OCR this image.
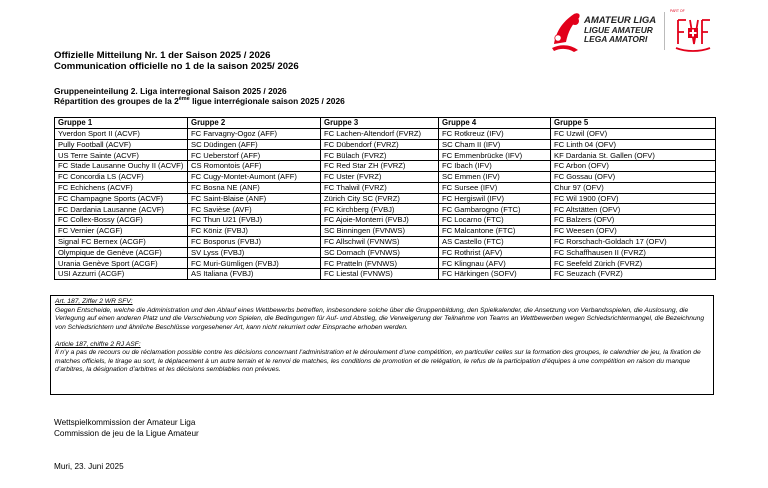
AMATEUR LIGA
LIGUE AMATEUR
LEGA AMATORI
PART OF
Offizielle Mitteilung Nr. 1 der Saison 2025 / 2026
Communication officielle no 1 de la saison 2025/ 2026
Gruppeneinteilung 2. Liga interregional Saison 2025 / 2026
Répartition des groupes de la 2ème ligue interrégionale saison 2025 / 2026
Gruppe 1	Gruppe 2	Gruppe 3	Gruppe 4	Gruppe 5
Yverdon Sport II (ACVF)	FC Farvagny-Ogoz (AFF)	FC Lachen-Altendorf (FVRZ)	FC Rotkreuz (IFV)	FC Uzwil (OFV)
Pully Football (ACVF)	SC Düdingen (AFF)	FC Dübendorf (FVRZ)	SC Cham II (IFV)	FC Linth 04 (OFV)
US Terre Sainte (ACVF)	FC Ueberstorf (AFF)	FC Bülach (FVRZ)	FC Emmenbrücke (IFV)	KF Dardania St. Gallen (OFV)
FC Stade Lausanne Ouchy II (ACVF)	CS Romontois (AFF)	FC Red Star ZH (FVRZ)	FC Ibach (IFV)	FC Arbon (OFV)
FC Concordia LS (ACVF)	FC Cugy-Montet-Aumont (AFF)	FC Uster (FVRZ)	SC Emmen (IFV)	FC Gossau (OFV)
FC Echichens (ACVF)	FC Bosna NE (ANF)	FC Thalwil (FVRZ)	FC Sursee (IFV)	Chur 97 (OFV)
FC Champagne Sports (ACVF)	FC Saint-Blaise (ANF)	Zürich City SC (FVRZ)	FC Hergiswil (IFV)	FC Wil 1900 (OFV)
FC Dardania Lausanne (ACVF)	FC Savièse (AVF)	FC Kirchberg (FVBJ)	FC Gambarogno (FTC)	FC Altstätten (OFV)
FC Collex-Bossy (ACGF)	FC Thun U21 (FVBJ)	FC Ajoie-Monterri (FVBJ)	FC Locarno (FTC)	FC Balzers (OFV)
FC Vernier (ACGF)	FC Köniz (FVBJ)	SC Binningen (FVNWS)	FC Malcantone (FTC)	FC Weesen (OFV)
Signal FC Bernex (ACGF)	FC Bosporus (FVBJ)	FC Allschwil (FVNWS)	AS Castello (FTC)	FC Rorschach-Goldach 17 (OFV)
Olympique de Genève (ACGF)	SV Lyss (FVBJ)	SC Dornach (FVNWS)	FC Rothrist (AFV)	FC Schaffhausen II (FVRZ)
Urania Genève Sport (ACGF)	FC Muri-Gümligen (FVBJ)	FC Pratteln (FVNWS)	FC Klingnau (AFV)	FC Seefeld Zürich (FVRZ)
USI Azzurri (ACGF)	AS Italiana (FVBJ)	FC Liestal (FVNWS)	FC Härkingen (SOFV)	FC Seuzach (FVRZ)

Art. 187, Ziffer 2 WR SFV:

Gegen Entscheide, welche die Administration und den Ablauf eines Wettbewerbs betreffen, insbesondere solche über die Gruppenbildung, den Spielkalender, die Ansetzung von Verbandsspielen, die Auslosung, die Verlegung auf einen anderen Platz und die Verschiebung von Spielen, die Bedingungen für Auf- und Abstieg, die Verweigerung der Teilnahme von Teams an Wettbewerben wegen Schiedsrichtermangel, die Bezeichnung von Schiedsrichtern und ähnliche Beschlüsse vorgesehener Art, kann nicht rekurriert oder Einsprache erhoben werden.

Article 187, chiffre 2 RJ ASF:

Il n’y a pas de recours ou de réclamation possible contre les décisions concernant l’administration et le déroulement d’une compétition, en particulier celles sur la formation des groupes, le calendrier de jeu, la fixation de matches officiels, le tirage au sort, le déplacement à un autre terrain et le renvoi de matches, les conditions de promotion et de relégation, le refus de la participation d’équipes à une compétition en raison du manque d’arbitres, la désignation d’arbitres et les décisions semblables non prévues.

Wettspielkommission der Amateur Liga
Commission de jeu de la Ligue Amateur
Muri, 23. Juni 2025
